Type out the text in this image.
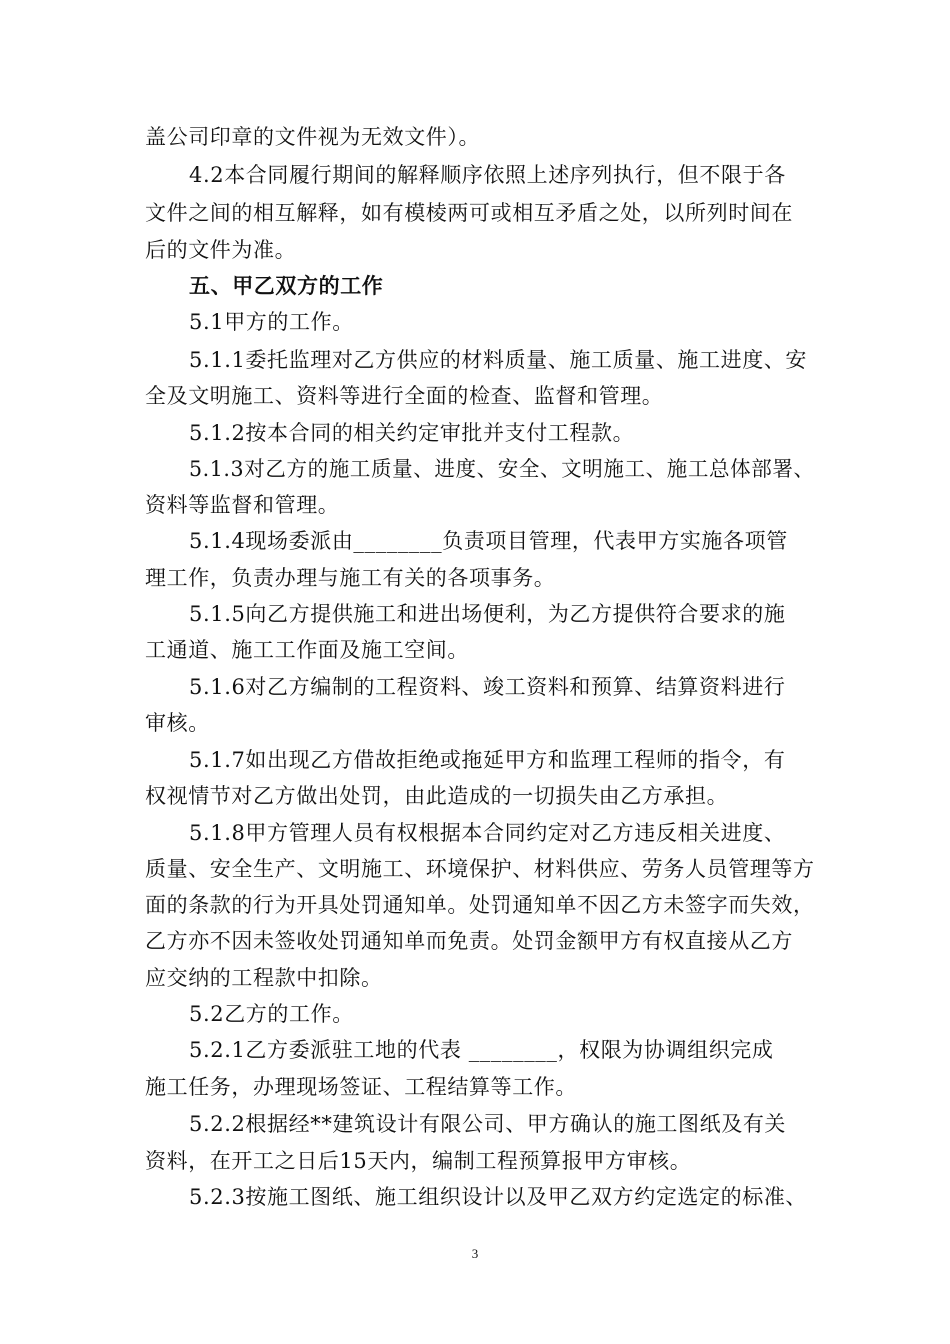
盖公司印章的文件视为无效文件）。
4.2本合同履行期间的解释顺序依照上述序列执行，但不限于各
文件之间的相互解释，如有模棱两可或相互矛盾之处，以所列时间在
后的文件为准。
五、甲乙双方的工作
5.1甲方的工作。
5.1.1委托监理对乙方供应的材料质量、施工质量、施工进度、安
全及文明施工、资料等进行全面的检查、监督和管理。
5.1.2按本合同的相关约定审批并支付工程款。
5.1.3对乙方的施工质量、进度、安全、文明施工、施工总体部署、
资料等监督和管理。
5.1.4现场委派由________负责项目管理，代表甲方实施各项管
理工作，负责办理与施工有关的各项事务。
5.1.5向乙方提供施工和进出场便利，为乙方提供符合要求的施
工通道、施工工作面及施工空间。
5.1.6对乙方编制的工程资料、竣工资料和预算、结算资料进行
审核。
5.1.7如出现乙方借故拒绝或拖延甲方和监理工程师的指令，有
权视情节对乙方做出处罚，由此造成的一切损失由乙方承担。
5.1.8甲方管理人员有权根据本合同约定对乙方违反相关进度、
质量、安全生产、文明施工、环境保护、材料供应、劳务人员管理等方
面的条款的行为开具处罚通知单。处罚通知单不因乙方未签字而失效，
乙方亦不因未签收处罚通知单而免责。处罚金额甲方有权直接从乙方
应交纳的工程款中扣除。
5.2乙方的工作。
5.2.1乙方委派驻工地的代表 ________，权限为协调组织完成
施工任务，办理现场签证、工程结算等工作。
5.2.2根据经**建筑设计有限公司、甲方确认的施工图纸及有关
资料，在开工之日后15天内，编制工程预算报甲方审核。
5.2.3按施工图纸、施工组织设计以及甲乙双方约定选定的标准、
3
